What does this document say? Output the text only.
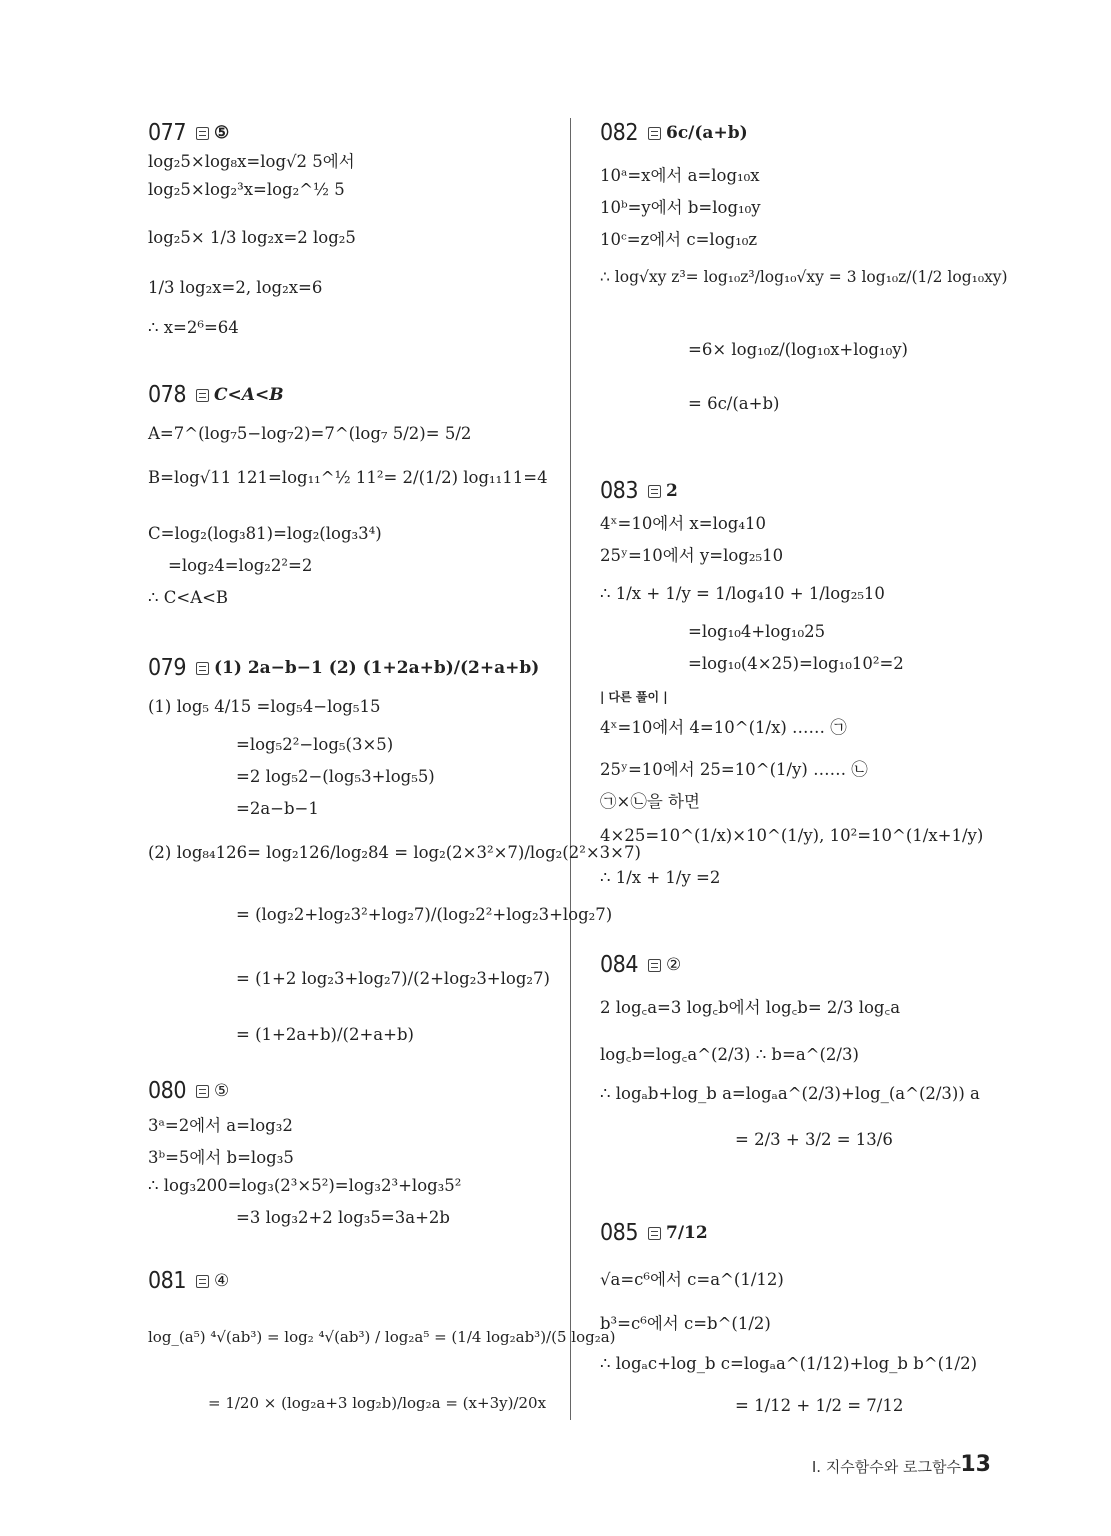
077 ⑤
log₂5×log₈x=log√2 5에서
log₂5×log₂³x=log₂^½ 5
log₂5× 1/3 log₂x=2 log₂5
1/3 log₂x=2, log₂x=6
∴ x=2⁶=64
078 C<A<B
A=7^(log₇5−log₇2)=7^(log₇ 5/2)= 5/2
B=log√11 121=log₁₁^½ 11²= 2/(1/2) log₁₁11=4
C=log₂(log₃81)=log₂(log₃3⁴)
=log₂4=log₂2²=2
∴ C<A<B
079 (1) 2a−b−1 (2) (1+2a+b)/(2+a+b)
(1) log₅ 4/15 =log₅4−log₅15
=log₅2²−log₅(3×5)
=2 log₅2−(log₅3+log₅5)
=2a−b−1
(2) log₈₄126= log₂126/log₂84 = log₂(2×3²×7)/log₂(2²×3×7)
= (log₂2+log₂3²+log₂7)/(log₂2²+log₂3+log₂7)
= (1+2 log₂3+log₂7)/(2+log₂3+log₂7)
= (1+2a+b)/(2+a+b)
080 ⑤
3ᵃ=2에서 a=log₃2
3ᵇ=5에서 b=log₃5
∴ log₃200=log₃(2³×5²)=log₃2³+log₃5²
=3 log₃2+2 log₃5=3a+2b
081 ④
log_(a⁵) ⁴√(ab³) = log₂ ⁴√(ab³) / log₂a⁵ = (1/4 log₂ab³)/(5 log₂a)
= 1/20 × (log₂a+3 log₂b)/log₂a = (x+3y)/20x
082 6c/(a+b)
10ᵃ=x에서 a=log₁₀x
10ᵇ=y에서 b=log₁₀y
10ᶜ=z에서 c=log₁₀z
∴ log√xy z³= log₁₀z³/log₁₀√xy = 3 log₁₀z/(1/2 log₁₀xy)
=6× log₁₀z/(log₁₀x+log₁₀y)
= 6c/(a+b)
083 2
4ˣ=10에서 x=log₄10
25ʸ=10에서 y=log₂₅10
∴ 1/x + 1/y = 1/log₄10 + 1/log₂₅10
=log₁₀4+log₁₀25
=log₁₀(4×25)=log₁₀10²=2
| 다른 풀이 |
4ˣ=10에서 4=10^(1/x) …… ㉠
25ʸ=10에서 25=10^(1/y) …… ㉡
㉠×㉡을 하면
4×25=10^(1/x)×10^(1/y), 10²=10^(1/x+1/y)
∴ 1/x + 1/y =2
084 ②
2 log꜀a=3 log꜀b에서 log꜀b= 2/3 log꜀a
log꜀b=log꜀a^(2/3) ∴ b=a^(2/3)
∴ logₐb+log_b a=logₐa^(2/3)+log_(a^(2/3)) a
= 2/3 + 3/2 = 13/6
085 7/12
√a=c⁶에서 c=a^(1/12)
b³=c⁶에서 c=b^(1/2)
∴ logₐc+log_b c=logₐa^(1/12)+log_b b^(1/2)
= 1/12 + 1/2 = 7/12
Ⅰ. 지수함수와 로그함수 13
